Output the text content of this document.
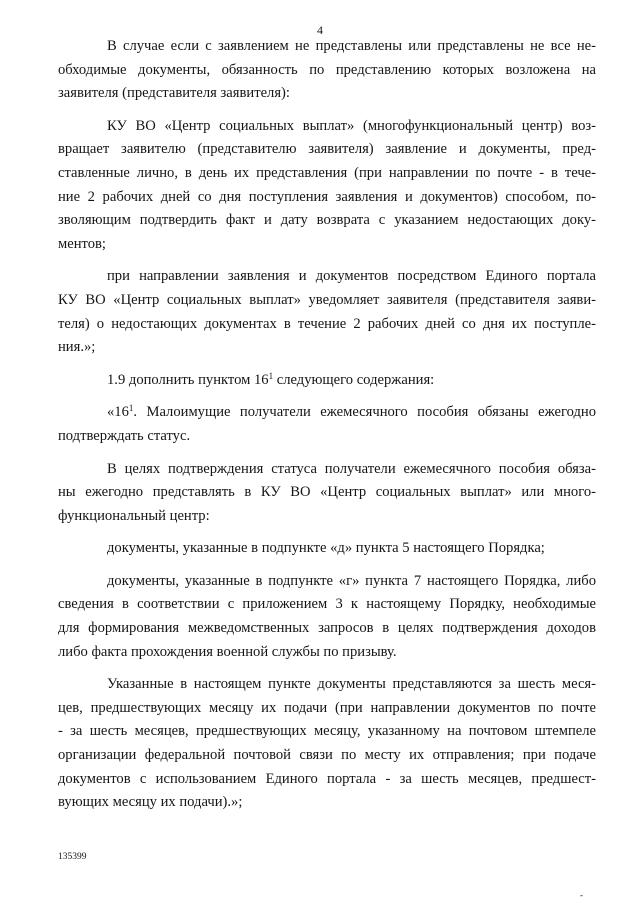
4
В случае если с заявлением не представлены или представлены не все не-
обходимые документы, обязанность по представлению которых возложена на
заявителя (представителя заявителя):
КУ ВО «Центр социальных выплат» (многофункциональный центр) воз-
вращает заявителю (представителю заявителя) заявление и документы, пред-
ставленные лично, в день их представления (при направлении по почте - в тече-
ние 2 рабочих дней со дня поступления заявления и документов) способом, по-
зволяющим подтвердить факт и дату возврата с указанием недостающих доку-
ментов;
при направлении заявления и документов посредством Единого портала
КУ ВО «Центр социальных выплат» уведомляет заявителя (представителя заяви-
теля) о недостающих документах в течение 2 рабочих дней со дня их поступле-
ния.»;
1.9 дополнить пунктом $16^1$ следующего содержания:
«$16^1$. Малоимущие получатели ежемесячного пособия обязаны ежегодно
подтверждать статус.
В целях подтверждения статуса получатели ежемесячного пособия обяза-
ны ежегодно представлять в КУ ВО «Центр социальных выплат» или много-
функциональный центр:
документы, указанные в подпункте «д» пункта 5 настоящего Порядка;
документы, указанные в подпункте «г» пункта 7 настоящего Порядка, либо
сведения в соответствии с приложением 3 к настоящему Порядку, необходимые
для формирования межведомственных запросов в целях подтверждения доходов
либо факта прохождения военной службы по призыву.
Указанные в настоящем пункте документы представляются за шесть меся-
цев, предшествующих месяцу их подачи (при направлении документов по почте
- за шесть месяцев, предшествующих месяцу, указанному на почтовом штемпеле
организации федеральной почтовой связи по месту их отправления; при подаче
документов с использованием Единого портала - за шесть месяцев, предшест-
вующих месяцу их подачи).»;
135399
-
